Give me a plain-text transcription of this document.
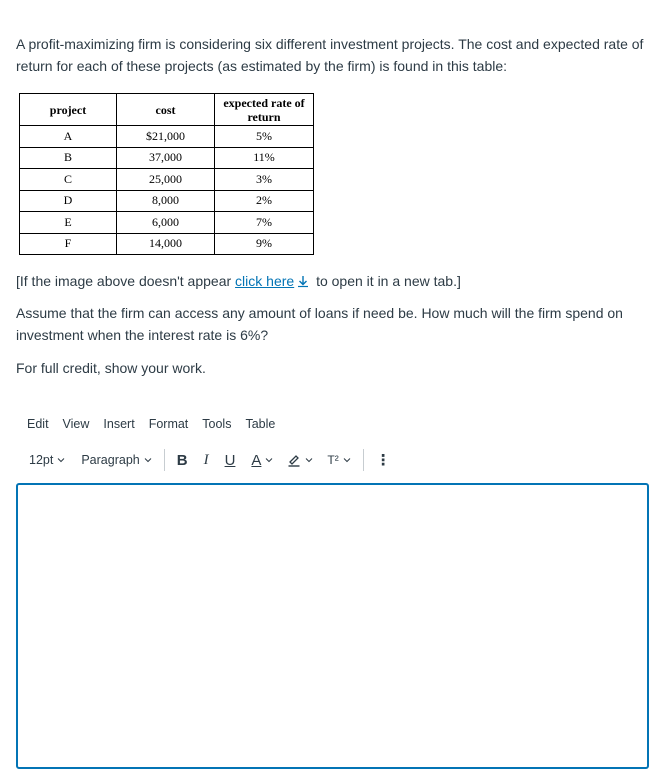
A profit-maximizing firm is considering six different investment projects. The cost and expected rate of return for each of these projects (as estimated by the firm) is found in this table:

project	cost	expected rate of return
A	$21,000	5%
B	37,000	11%
C	25,000	3%
D	8,000	2%
E	6,000	7%
F	14,000	9%

[If the image above doesn't appear click here to open it in a new tab.]

Assume that the firm can access any amount of loans if need be. How much will the firm spend on investment when the interest rate is 6%?

For full credit, show your work.

Edit View Insert Format Tools Table
12pt Paragraph B I U A	T² ⋮
